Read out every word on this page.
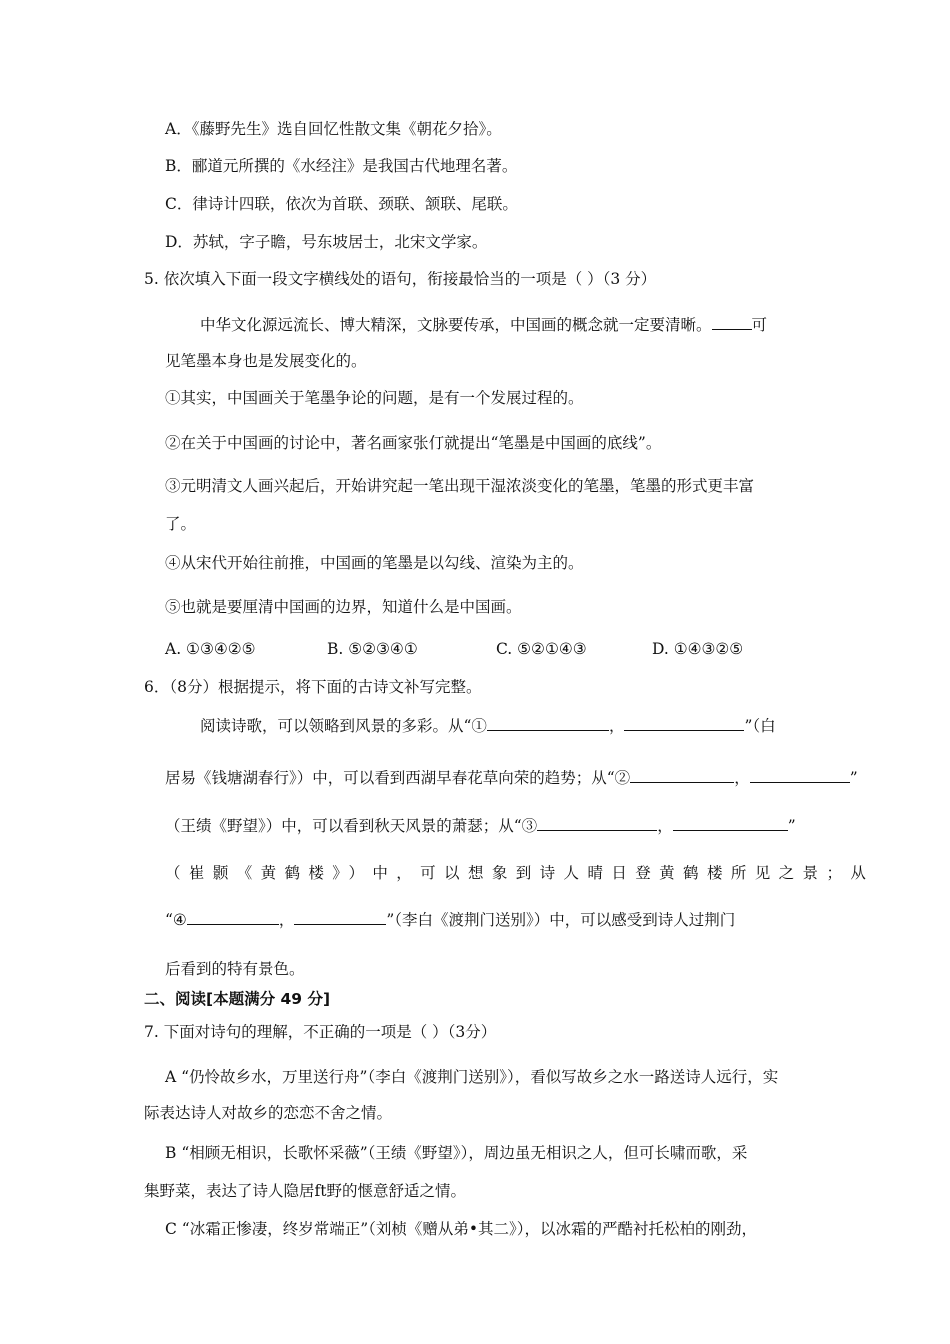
A．《藤野先生》选自回忆性散文集《朝花夕拾》。
B．郦道元所撰的《水经注》是我国古代地理名著。
C．律诗计四联，依次为首联、颈联、颔联、尾联。
D．苏轼，字子瞻，号东坡居士，北宋文学家。
5. 依次填入下面一段文字横线处的语句，衔接最恰当的一项是（ ）（3 分）
中华文化源远流长、博大精深，文脉要传承，中国画的概念就一定要清晰。	可
见笔墨本身也是发展变化的。
①其实，中国画关于笔墨争论的问题，是有一个发展过程的。
②在关于中国画的讨论中，著名画家张仃就提出“笔墨是中国画的底线”。
③元明清文人画兴起后，开始讲究起一笔出现干湿浓淡变化的笔墨，笔墨的形式更丰富
了。
④从宋代开始往前推，中国画的笔墨是以勾线、渲染为主的。
⑤也就是要厘清中国画的边界，知道什么是中国画。
A. ①③④②⑤	B. ⑤②③④①	C. ⑤②①④③	D. ①④③②⑤
6．（8分）根据提示，将下面的古诗文补写完整。
阅读诗歌，可以领略到风景的多彩。从“①	，	”（白
居易《钱塘湖春行》）中，可以看到西湖早春花草向荣的趋势；从“②	，	”
（王绩《野望》）中，可以看到秋天风景的萧瑟；从“③	，	”
（崔颢《黄鹤楼》）中，可以想象到诗人晴日登黄鹤楼所见之景；从
“④	，	”（李白《渡荆门送别》）中，可以感受到诗人过荆门
后看到的特有景色。
二、阅读[本题满分 49 分]
7. 下面对诗句的理解，不正确的一项是（ ）（3分）
A “仍怜故乡水，万里送行舟”（李白《渡荆门送别》），看似写故乡之水一路送诗人远行，实
际表达诗人对故乡的恋恋不舍之情。
B “相顾无相识，长歌怀采薇”（王绩《野望》），周边虽无相识之人，但可长啸而歌，采
集野菜，表达了诗人隐居ft野的惬意舒适之情。
C “冰霜正惨凄，终岁常端正”（刘桢《赠从弟•其二》），以冰霜的严酷衬托松柏的刚劲，
